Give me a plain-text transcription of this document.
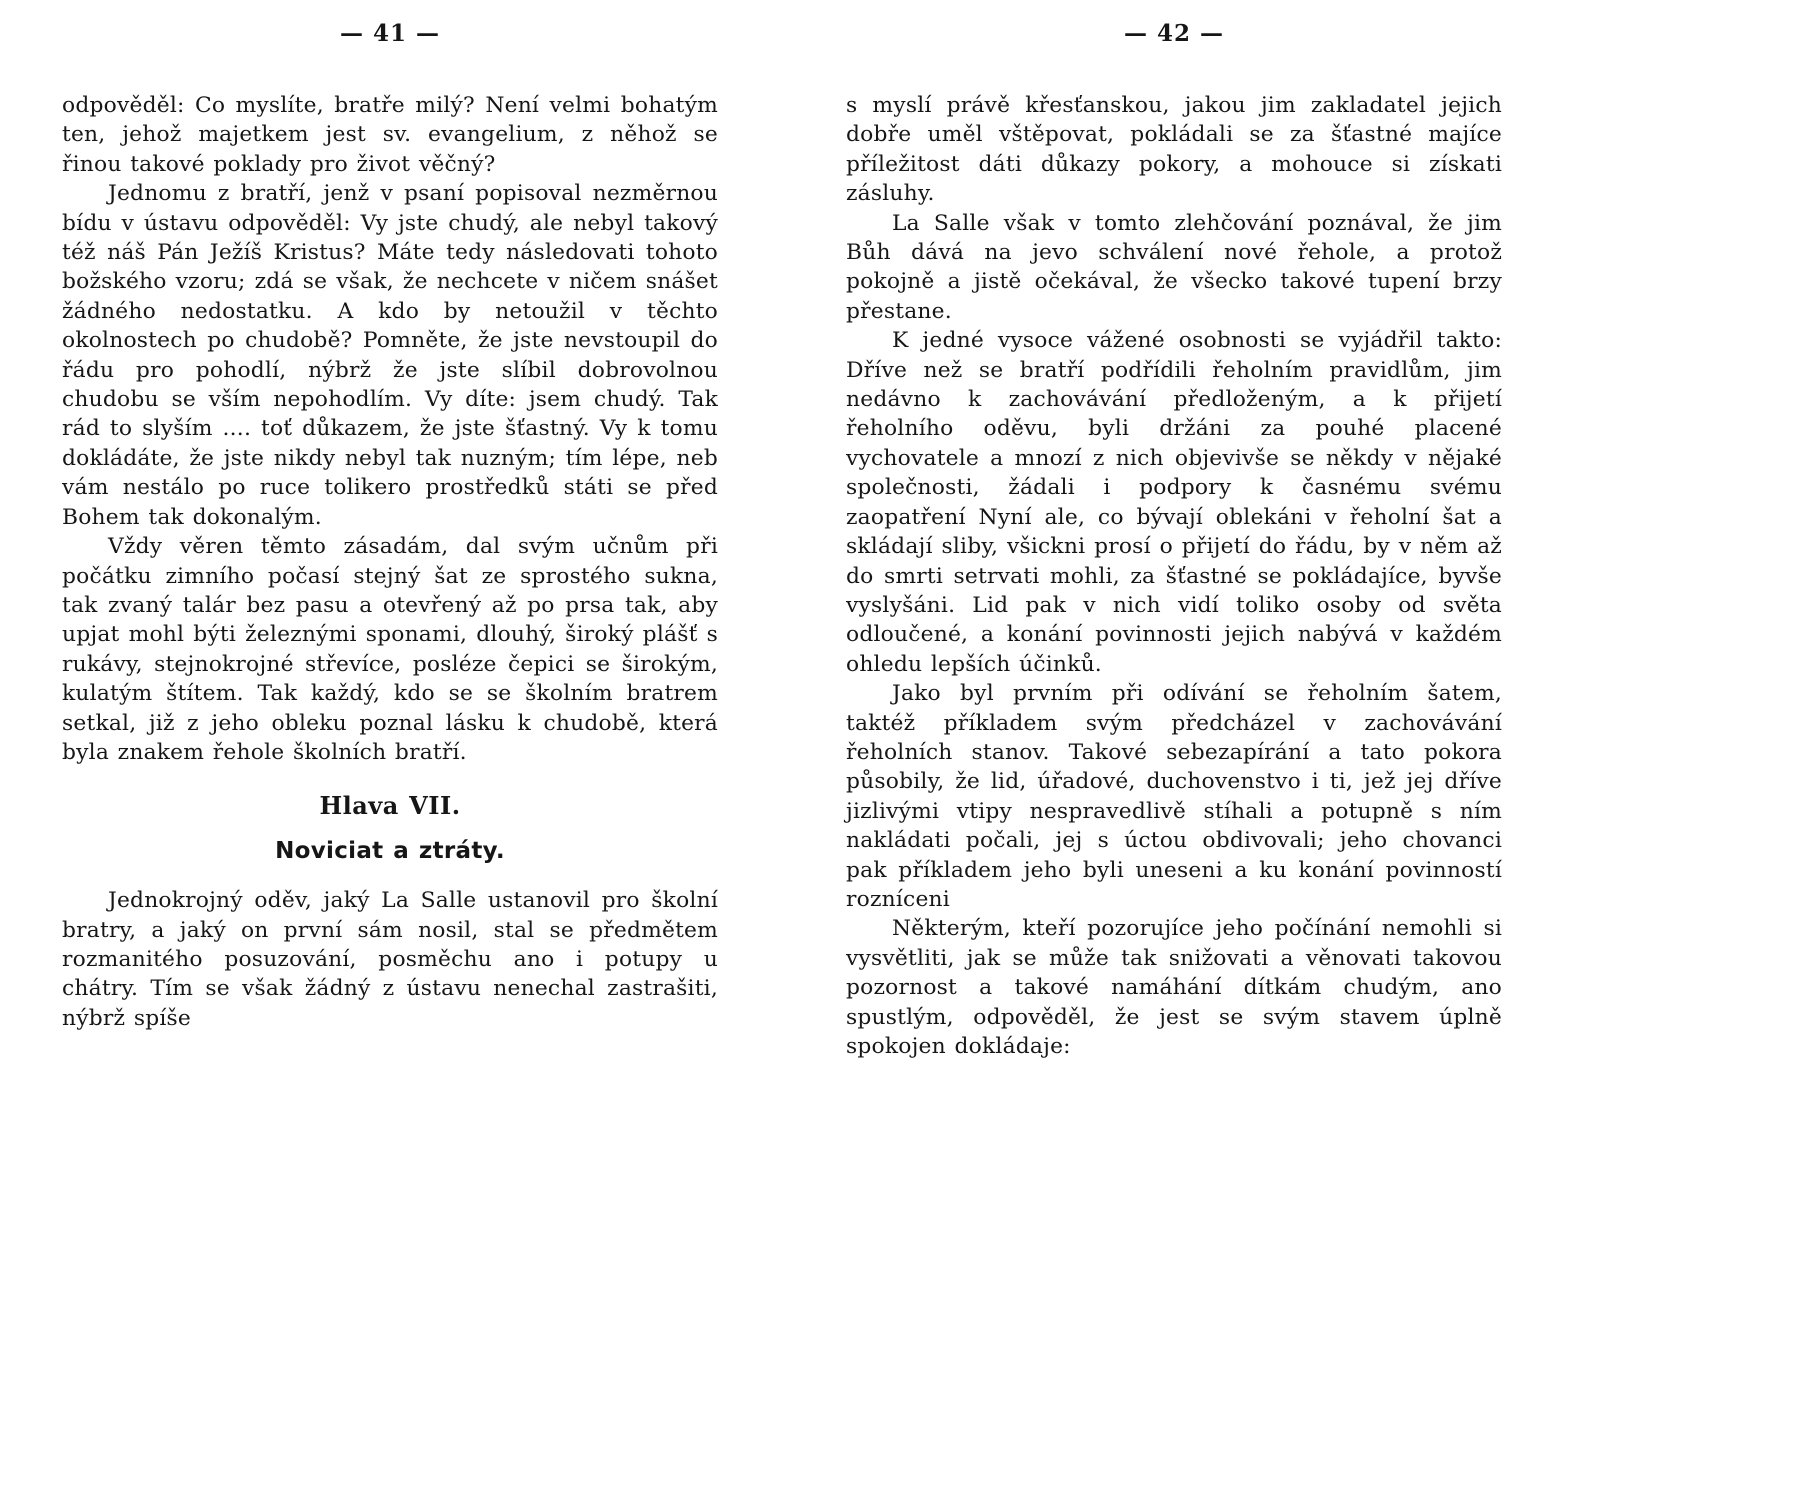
— 41 —

odpověděl: Co myslíte, bratře milý? Není velmi bohatým ten, jehož majetkem jest sv. evangelium, z něhož se řinou takové poklady pro život věčný?

Jednomu z bratří, jenž v psaní popisoval nezměrnou bídu v ústavu odpověděl: Vy jste chudý, ale nebyl takový též náš Pán Ježíš Kristus? Máte tedy následovati tohoto božského vzoru; zdá se však, že nechcete v ničem snášet žádného nedostatku. A kdo by netoužil v těchto okolnostech po chudobě? Pomněte, že jste nevstoupil do řádu pro pohodlí, nýbrž že jste slíbil dobrovolnou chudobu se vším nepohodlím. Vy díte: jsem chudý. Tak rád to slyším .... toť důkazem, že jste šťastný. Vy k tomu dokládáte, že jste nikdy nebyl tak nuzným; tím lépe, neb vám nestálo po ruce tolikero prostředků státi se před Bohem tak dokonalým.

Vždy věren těmto zásadám, dal svým učnům při počátku zimního počasí stejný šat ze sprostého sukna, tak zvaný talár bez pasu a otevřený až po prsa tak, aby upjat mohl býti železnými sponami, dlouhý, široký plášť s rukávy, stejnokrojné střevíce, posléze čepici se širokým, kulatým štítem. Tak každý, kdo se se školním bratrem setkal, již z jeho obleku poznal lásku k chudobě, která byla znakem řehole školních bratří.

Hlava VII.
Noviciat a ztráty.

Jednokrojný oděv, jaký La Salle ustanovil pro školní bratry, a jaký on první sám nosil, stal se předmětem rozmanitého posuzování, posměchu ano i potupy u chátry. Tím se však žádný z ústavu nenechal zastrašiti, nýbrž spíše

— 42 —

s myslí právě křesťanskou, jakou jim zakladatel jejich dobře uměl vštěpovat, pokládali se za šťastné majíce příležitost dáti důkazy pokory, a mohouce si získati zásluhy.

La Salle však v tomto zlehčování poznával, že jim Bůh dává na jevo schválení nové řehole, a protož pokojně a jistě očekával, že všecko takové tupení brzy přestane.

K jedné vysoce vážené osobnosti se vyjádřil takto: Dříve než se bratří podřídili řeholním pravidlům, jim nedávno k zachovávání předloženým, a k přijetí řeholního oděvu, byli držáni za pouhé placené vychovatele a mnozí z nich objevivše se někdy v nějaké společnosti, žádali i podpory k časnému svému zaopatření Nyní ale, co bývají oblekáni v řeholní šat a skládají sliby, všickni prosí o přijetí do řádu, by v něm až do smrti setrvati mohli, za šťastné se pokládajíce, byvše vyslyšáni. Lid pak v nich vidí toliko osoby od světa odloučené, a konání povinnosti jejich nabývá v každém ohledu lepších účinků.

Jako byl prvním při odívání se řeholním šatem, taktéž příkladem svým předcházel v zachovávání řeholních stanov. Takové sebezapírání a tato pokora působily, že lid, úřadové, duchovenstvo i ti, jež jej dříve jizlivými vtipy nespravedlivě stíhali a potupně s ním nakládati počali, jej s úctou obdivovali; jeho chovanci pak příkladem jeho byli uneseni a ku konání povinností rozníceni

Některým, kteří pozorujíce jeho počínání nemohli si vysvětliti, jak se může tak snižovati a věnovati takovou pozornost a takové namáhání dítkám chudým, ano spustlým, odpověděl, že jest se svým stavem úplně spokojen dokládaje:
